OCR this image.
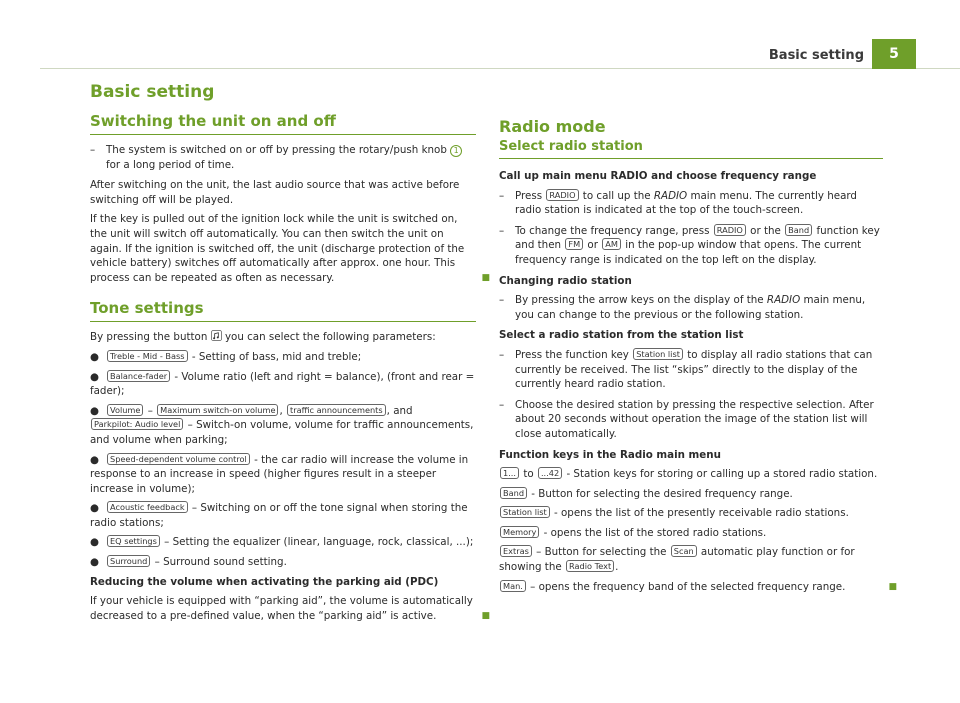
Basic setting	5
Basic setting
Switching the unit on and off
– The system is switched on or off by pressing the rotary/push knob 1 for a long period of time.
After switching on the unit, the last audio source that was active before switching off will be played.
If the key is pulled out of the ignition lock while the unit is switched on, the unit will switch off automatically. You can then switch the unit on again. If the ignition is switched off, the unit (discharge protection of the vehicle battery) switches off automatically after approx. one hour. This process can be repeated as often as necessary.	■
Tone settings
By pressing the button you can select the following parameters:
● Treble - Mid - Bass - Setting of bass, mid and treble;
● Balance-fader - Volume ratio (left and right = balance), (front and rear = fader);
● Volume – Maximum switch-on volume , traffic announcements , and Parkpilot: Audio level – Switch-on volume, volume for traffic announcements, and volume when parking;
● Speed-dependent volume control - the car radio will increase the volume in response to an increase in speed (higher figures result in a steeper increase in volume);
● Acoustic feedback – Switching on or off the tone signal when storing the radio stations;
● EQ settings – Setting the equalizer (linear, language, rock, classical, ...);
● Surround – Surround sound setting.
Reducing the volume when activating the parking aid (PDC)
If your vehicle is equipped with “parking aid”, the volume is automatically decreased to a pre-defined value, when the “parking aid” is active.	■
Radio mode
Select radio station
Call up main menu RADIO and choose frequency range
– Press RADIO to call up the RADIO main menu. The currently heard radio station is indicated at the top of the touch-screen.
– To change the frequency range, press RADIO or the Band function key and then FM or AM in the pop-up window that opens. The current frequency range is indicated on the top left on the display.
Changing radio station
– By pressing the arrow keys on the display of the RADIO main menu, you can change to the previous or the following station.
Select a radio station from the station list
– Press the function key Station list to display all radio stations that can currently be received. The list “skips” directly to the display of the currently heard radio station.
– Choose the desired station by pressing the respective selection. After about 20 seconds without operation the image of the station list will close automatically.
Function keys in the Radio main menu
1... to ...42 - Station keys for storing or calling up a stored radio station.
Band - Button for selecting the desired frequency range.
Station list - opens the list of the presently receivable radio stations.
Memory - opens the list of the stored radio stations.
Extras – Button for selecting the Scan automatic play function or for showing the Radio Text .
Man. – opens the frequency band of the selected frequency range.	■
